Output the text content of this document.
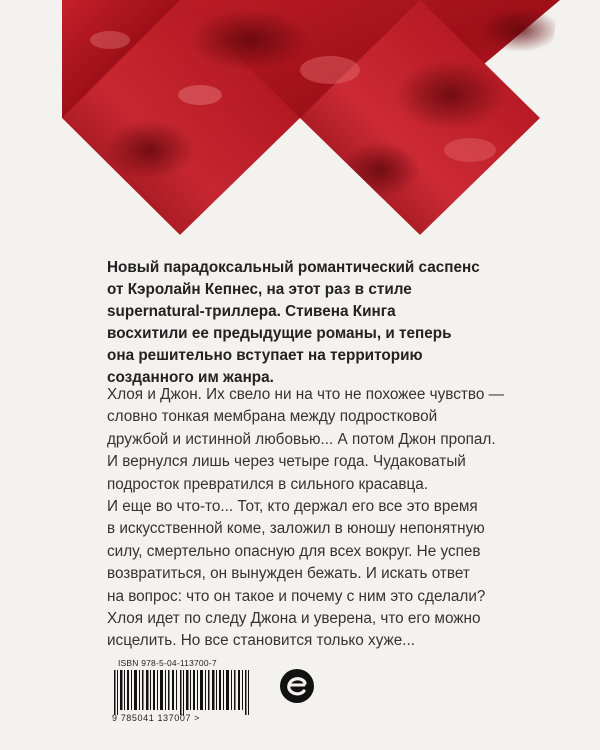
Новый парадоксальный романтический саспенс
от Кэролайн Кепнес, на этот раз в стиле
supernatural-триллера. Стивена Кинга
восхитили ее предыдущие романы, и теперь
она решительно вступает на территорию
созданного им жанра.

Хлоя и Джон. Их свело ни на что не похожее чувство —
словно тонкая мембрана между подростковой
дружбой и истинной любовью... А потом Джон пропал.
И вернулся лишь через четыре года. Чудаковатый
подросток превратился в сильного красавца.
И еще во что-то... Тот, кто держал его все это время
в искусственной коме, заложил в юношу непонятную
силу, смертельно опасную для всех вокруг. Не успев
возвратиться, он вынужден бежать. И искать ответ
на вопрос: что он такое и почему с ним это сделали?
Хлоя идет по следу Джона и уверена, что его можно
исцелить. Но все становится только хуже...

ISBN 978-5-04-113700-7
9 785041 137007 >
